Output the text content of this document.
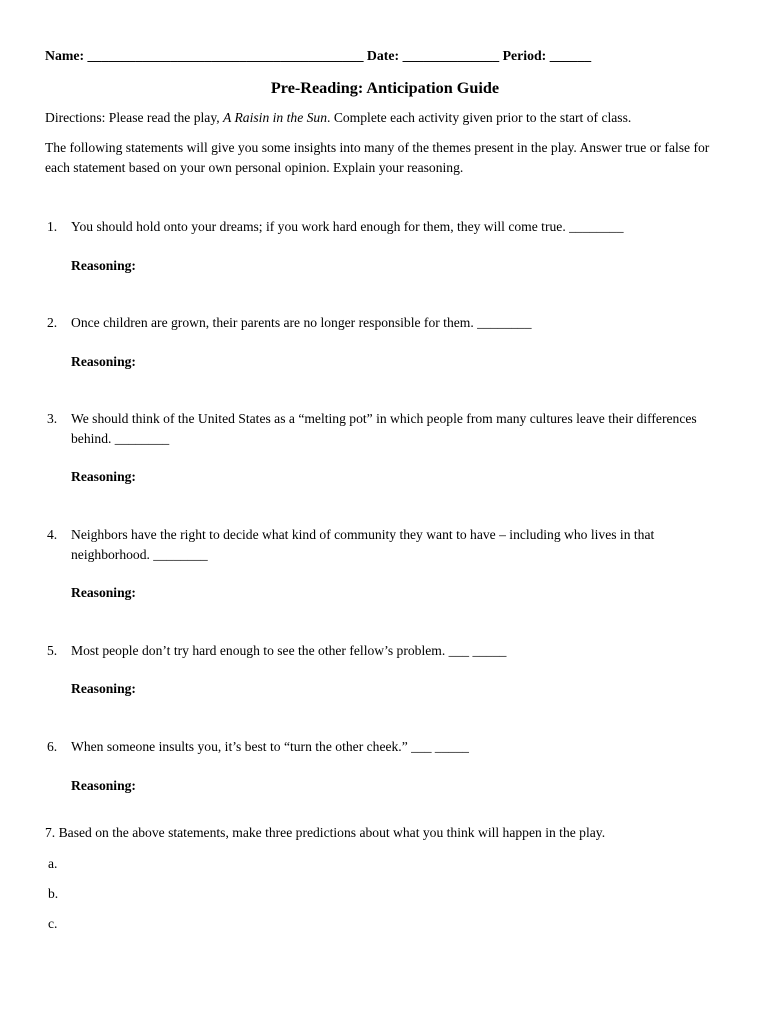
Name: ________________________________________ Date: ______________ Period: ______
Pre-Reading: Anticipation Guide
Directions: Please read the play, A Raisin in the Sun. Complete each activity given prior to the start of class.
The following statements will give you some insights into many of the themes present in the play. Answer true or false for each statement based on your own personal opinion. Explain your reasoning.
1. You should hold onto your dreams; if you work hard enough for them, they will come true. ________
Reasoning:
2. Once children are grown, their parents are no longer responsible for them. ________
Reasoning:
3. We should think of the United States as a “melting pot” in which people from many cultures leave their differences behind. ________
Reasoning:
4. Neighbors have the right to decide what kind of community they want to have – including who lives in that neighborhood. ________
Reasoning:
5. Most people don’t try hard enough to see the other fellow’s problem. ___ _____
Reasoning:
6. When someone insults you, it’s best to “turn the other cheek.” ___ _____
Reasoning:
7. Based on the above statements, make three predictions about what you think will happen in the play.
a.
b.
c.
